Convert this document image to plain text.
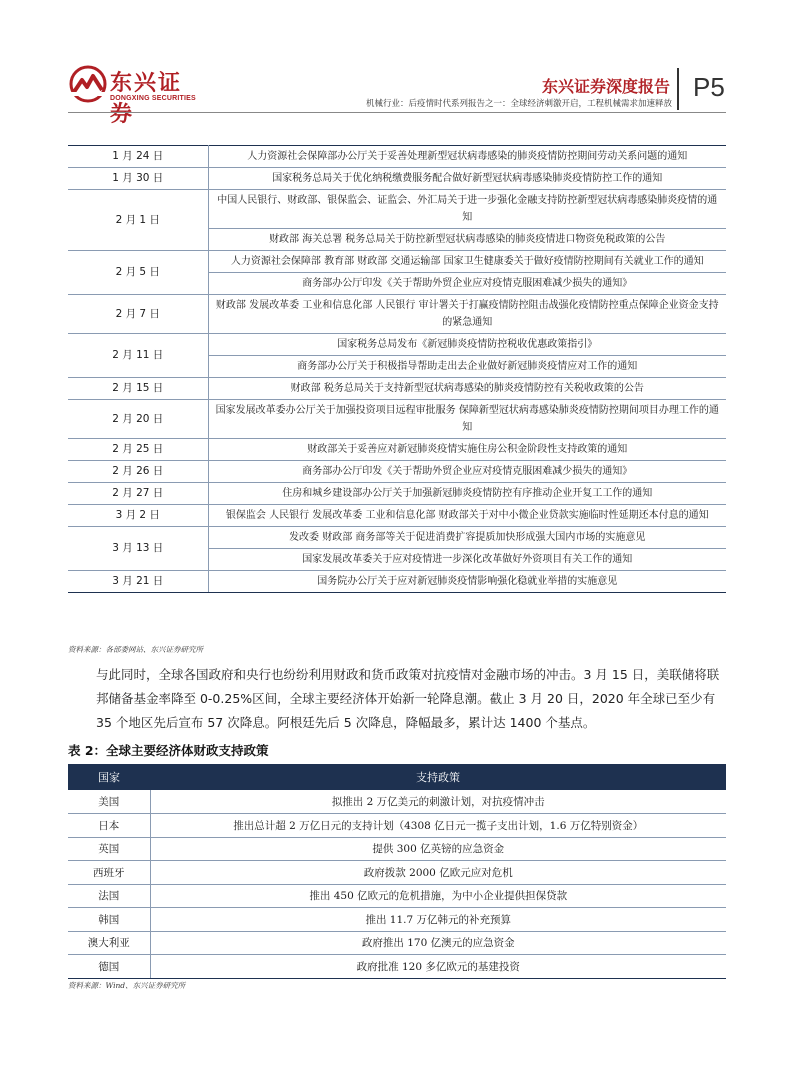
东兴证券
DONGXING SECURITIES
东兴证券深度报告
机械行业：后疫情时代系列报告之一：全球经济刺激开启，工程机械需求加速释放
P5
1 月 24 日	人力资源社会保障部办公厅关于妥善处理新型冠状病毒感染的肺炎疫情防控期间劳动关系问题的通知
1 月 30 日	国家税务总局关于优化纳税缴费服务配合做好新型冠状病毒感染肺炎疫情防控工作的通知
2 月 1 日	中国人民银行、财政部、银保监会、证监会、外汇局关于进一步强化金融支持防控新型冠状病毒感染肺炎疫情的通知
	财政部 海关总署 税务总局关于防控新型冠状病毒感染的肺炎疫情进口物资免税政策的公告
2 月 5 日	人力资源社会保障部 教育部 财政部 交通运输部 国家卫生健康委关于做好疫情防控期间有关就业工作的通知
	商务部办公厅印发《关于帮助外贸企业应对疫情克服困难减少损失的通知》
2 月 7 日	财政部 发展改革委 工业和信息化部 人民银行 审计署关于打赢疫情防控阻击战强化疫情防控重点保障企业资金支持的紧急通知
2 月 11 日	国家税务总局发布《新冠肺炎疫情防控税收优惠政策指引》
	商务部办公厅关于积极指导帮助走出去企业做好新冠肺炎疫情应对工作的通知
2 月 15 日	财政部 税务总局关于支持新型冠状病毒感染的肺炎疫情防控有关税收政策的公告
2 月 20 日	国家发展改革委办公厅关于加强投资项目远程审批服务 保障新型冠状病毒感染肺炎疫情防控期间项目办理工作的通知
2 月 25 日	财政部关于妥善应对新冠肺炎疫情实施住房公积金阶段性支持政策的通知
2 月 26 日	商务部办公厅印发《关于帮助外贸企业应对疫情克服困难减少损失的通知》
2 月 27 日	住房和城乡建设部办公厅关于加强新冠肺炎疫情防控有序推动企业开复工工作的通知
3 月 2 日	银保监会 人民银行 发展改革委 工业和信息化部 财政部关于对中小微企业贷款实施临时性延期还本付息的通知
3 月 13 日	发改委 财政部 商务部等关于促进消费扩容提质加快形成强大国内市场的实施意见
	国家发展改革委关于应对疫情进一步深化改革做好外资项目有关工作的通知
3 月 21 日	国务院办公厅关于应对新冠肺炎疫情影响强化稳就业举措的实施意见
资料来源：各部委网站、东兴证券研究所

与此同时，全球各国政府和央行也纷纷利用财政和货币政策对抗疫情对金融市场的冲击。3 月 15 日，美联储将联邦储备基金率降至 0-0.25%区间，全球主要经济体开始新一轮降息潮。截止 3 月 20 日，2020 年全球已至少有 35 个地区先后宣布 57 次降息。阿根廷先后 5 次降息，降幅最多，累计达 1400 个基点。

表 2：全球主要经济体财政支持政策
国家	支持政策
美国	拟推出 2 万亿美元的刺激计划，对抗疫情冲击
日本	推出总计超 2 万亿日元的支持计划（4308 亿日元一揽子支出计划，1.6 万亿特别资金）
英国	提供 300 亿英镑的应急资金
西班牙	政府拨款 2000 亿欧元应对危机
法国	推出 450 亿欧元的危机措施，为中小企业提供担保贷款
韩国	推出 11.7 万亿韩元的补充预算
澳大利亚	政府推出 170 亿澳元的应急资金
德国	政府批准 120 多亿欧元的基建投资
资料来源：Wind、东兴证券研究所
